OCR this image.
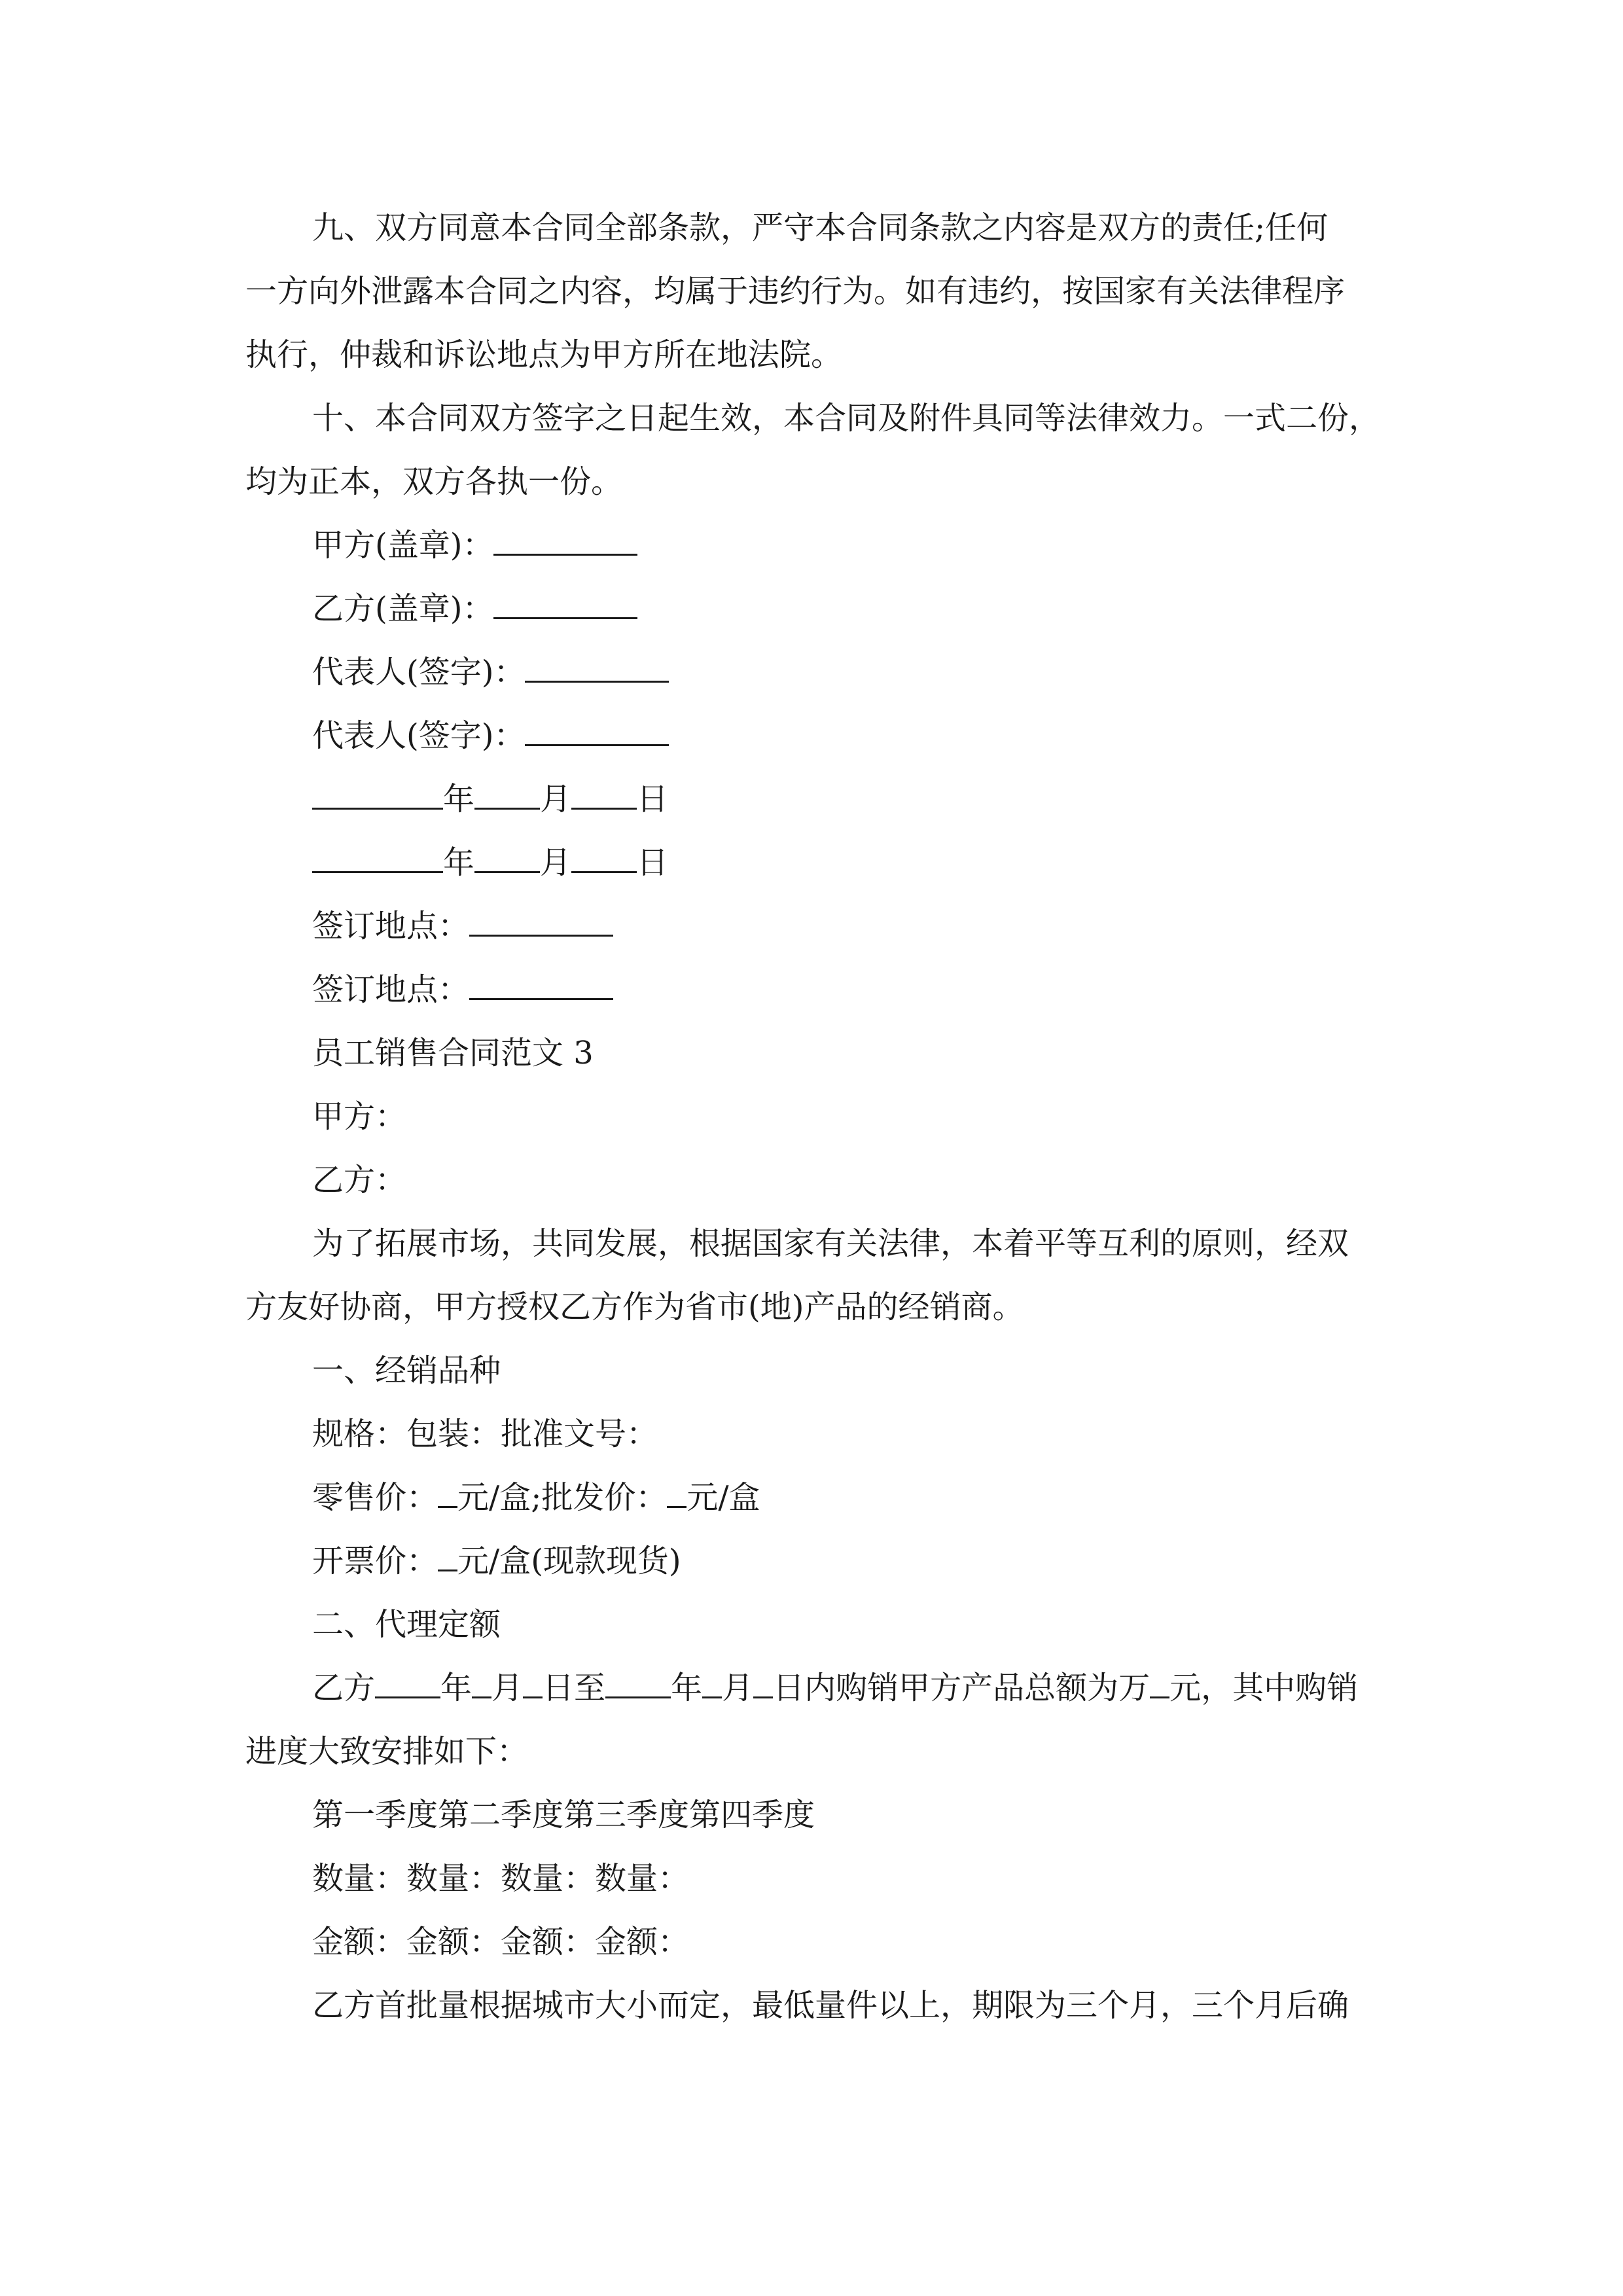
九、双方同意本合同全部条款，严守本合同条款之内容是双方的责任;任何

一方向外泄露本合同之内容，均属于违约行为。如有违约，按国家有关法律程序

执行，仲裁和诉讼地点为甲方所在地法院。

十、本合同双方签字之日起生效，本合同及附件具同等法律效力。一式二份，

均为正本，双方各执一份。

甲方(盖章)：

乙方(盖章)：

代表人(签字)：

代表人(签字)：

年 月 日

年 月 日

签订地点：

签订地点：

员工销售合同范文 3

甲方：

乙方：

为了拓展市场，共同发展，根据国家有关法律，本着平等互利的原则，经双

方友好协商，甲方授权乙方作为省市(地)产品的经销商。

一、经销品种

规格：包装：批准文号：

零售价： 元/盒;批发价： 元/盒

开票价： 元/盒(现款现货)

二、代理定额

乙方 年 月 日至 年 月 日内购销甲方产品总额为万 元，其中购销

进度大致安排如下：

第一季度第二季度第三季度第四季度

数量：数量：数量：数量：

金额：金额：金额：金额：

乙方首批量根据城市大小而定，最低量件以上，期限为三个月，三个月后确
